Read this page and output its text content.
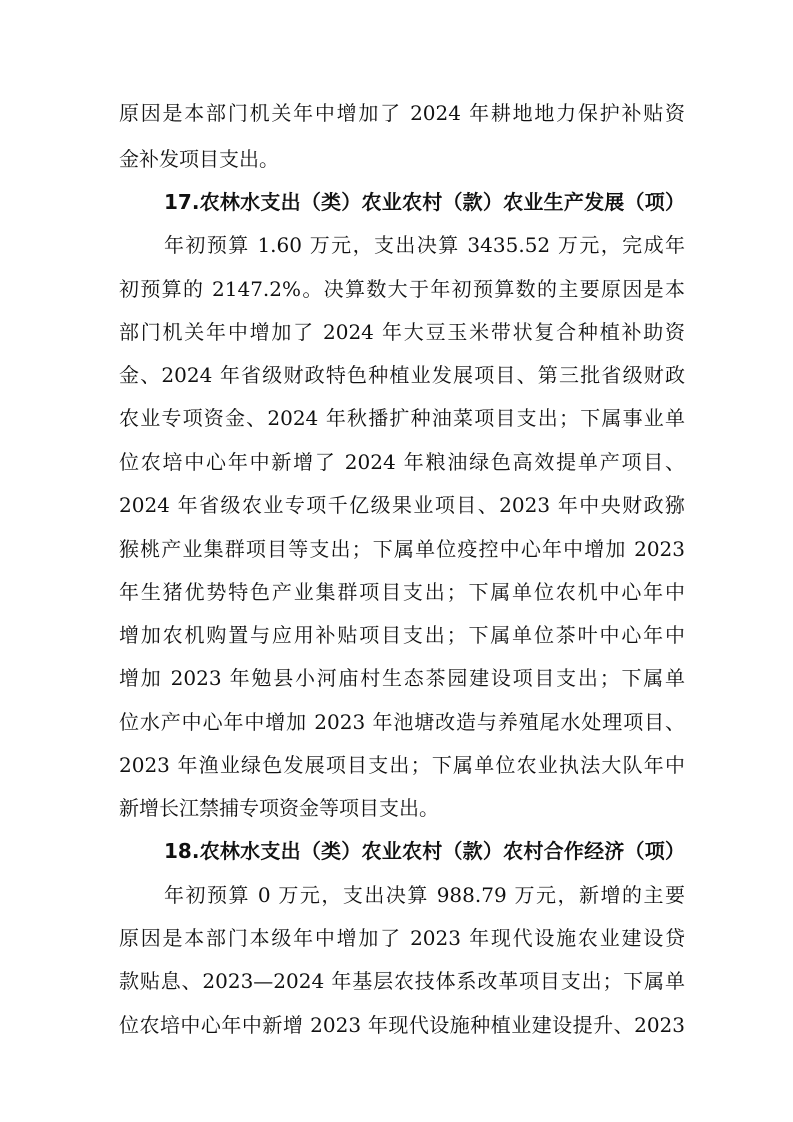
原因是本部门机关年中增加了 2024 年耕地地力保护补贴资
金补发项目支出。
17.农林水支出（类）农业农村（款）农业生产发展（项）
年初预算 1.60 万元，支出决算 3435.52 万元，完成年
初预算的 2147.2%。决算数大于年初预算数的主要原因是本
部门机关年中增加了 2024 年大豆玉米带状复合种植补助资
金、2024 年省级财政特色种植业发展项目、第三批省级财政
农业专项资金、2024 年秋播扩种油菜项目支出；下属事业单
位农培中心年中新增了 2024 年粮油绿色高效提单产项目、
2024 年省级农业专项千亿级果业项目、2023 年中央财政猕
猴桃产业集群项目等支出；下属单位疫控中心年中增加 2023
年生猪优势特色产业集群项目支出；下属单位农机中心年中
增加农机购置与应用补贴项目支出；下属单位茶叶中心年中
增加 2023 年勉县小河庙村生态茶园建设项目支出；下属单
位水产中心年中增加 2023 年池塘改造与养殖尾水处理项目、
2023 年渔业绿色发展项目支出；下属单位农业执法大队年中
新增长江禁捕专项资金等项目支出。
18.农林水支出（类）农业农村（款）农村合作经济（项）
年初预算 0 万元，支出决算 988.79 万元，新增的主要
原因是本部门本级年中增加了 2023 年现代设施农业建设贷
款贴息、2023—2024 年基层农技体系改革项目支出；下属单
位农培中心年中新增 2023 年现代设施种植业建设提升、2023
